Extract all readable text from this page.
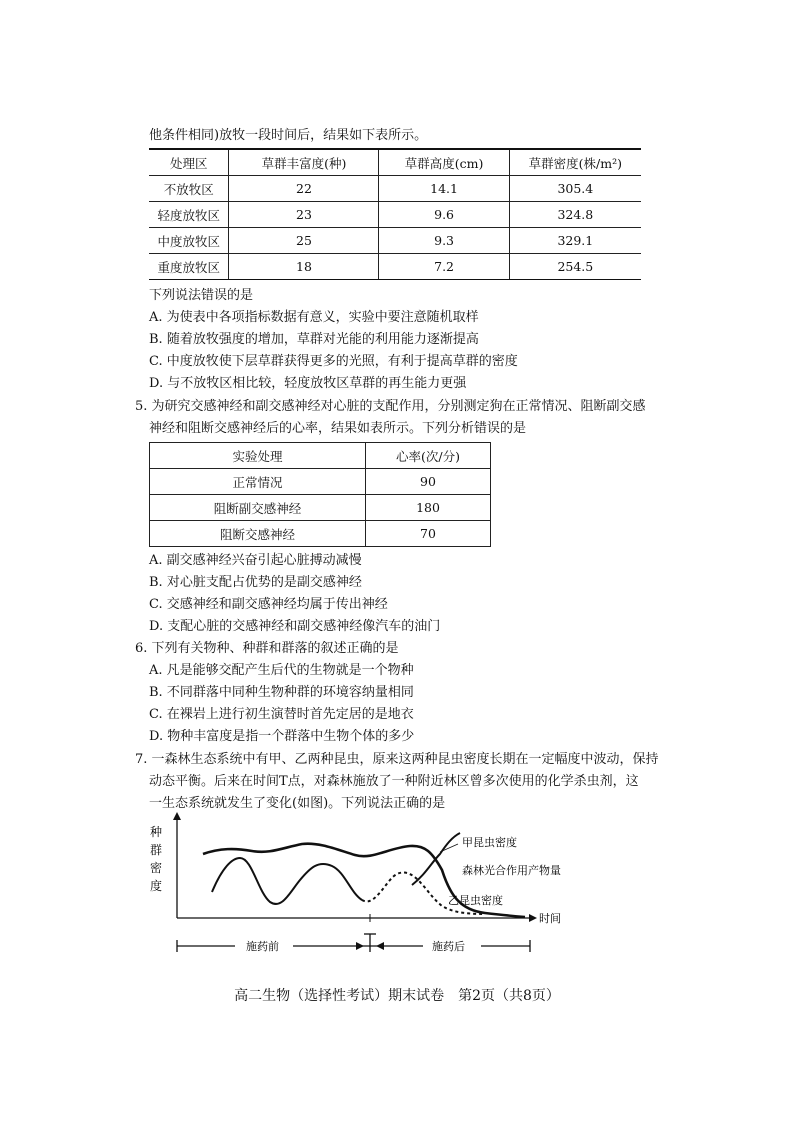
他条件相同)放牧一段时间后，结果如下表所示。
处理区	草群丰富度(种)	草群高度(cm)	草群密度(株/m²)
不放牧区	22	14.1	305.4
轻度放牧区	23	9.6	324.8
中度放牧区	25	9.3	329.1
重度放牧区	18	7.2	254.5
下列说法错误的是
A. 为使表中各项指标数据有意义，实验中要注意随机取样
B. 随着放牧强度的增加，草群对光能的利用能力逐渐提高
C. 中度放牧使下层草群获得更多的光照，有利于提高草群的密度
D. 与不放牧区相比较，轻度放牧区草群的再生能力更强
5. 为研究交感神经和副交感神经对心脏的支配作用，分别测定狗在正常情况、阻断副交感
神经和阻断交感神经后的心率，结果如表所示。下列分析错误的是
实验处理	心率(次/分)
正常情况	90
阻断副交感神经	180
阻断交感神经	70
A. 副交感神经兴奋引起心脏搏动减慢
B. 对心脏支配占优势的是副交感神经
C. 交感神经和副交感神经均属于传出神经
D. 支配心脏的交感神经和副交感神经像汽车的油门
6. 下列有关物种、种群和群落的叙述正确的是
A. 凡是能够交配产生后代的生物就是一个物种
B. 不同群落中同种生物种群的环境容纳量相同
C. 在裸岩上进行初生演替时首先定居的是地衣
D. 物种丰富度是指一个群落中生物个体的多少
7. 一森林生态系统中有甲、乙两种昆虫，原来这两种昆虫密度长期在一定幅度中波动，保持
动态平衡。后来在时间T点，对森林施放了一种附近林区曾多次使用的化学杀虫剂，这
一生态系统就发生了变化(如图)。下列说法正确的是
种
群
密
度
时间
甲昆虫密度
森林光合作用产物量
乙昆虫密度
施药前	施药后
高二生物（选择性考试）期末试卷　第2页（共8页）
